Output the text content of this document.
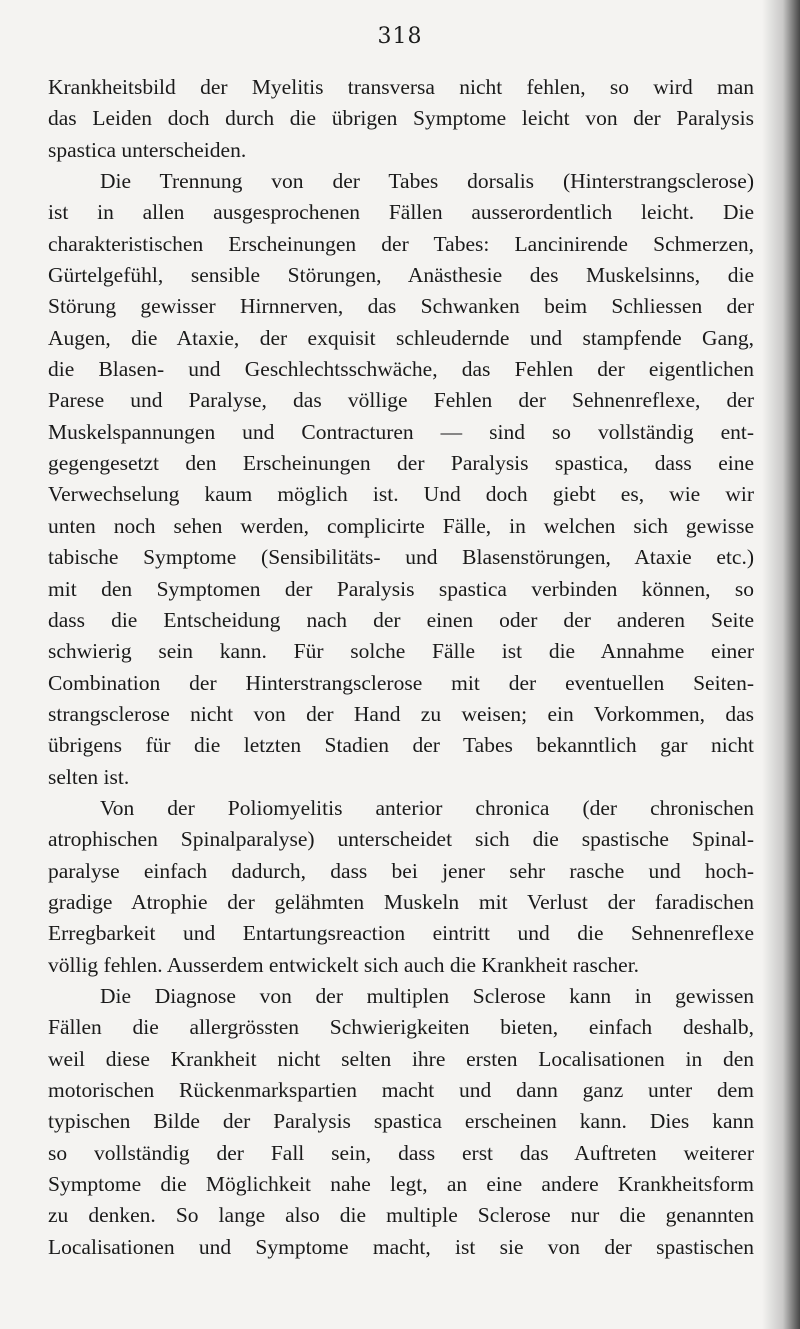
318
Krankheitsbild der Myelitis transversa nicht fehlen, so wird man
das Leiden doch durch die übrigen Symptome leicht von der Paralysis
spastica unterscheiden.
Die Trennung von der Tabes dorsalis (Hinterstrangsclerose)
ist in allen ausgesprochenen Fällen ausserordentlich leicht. Die
charakteristischen Erscheinungen der Tabes: Lancinirende Schmerzen,
Gürtelgefühl, sensible Störungen, Anästhesie des Muskelsinns, die
Störung gewisser Hirnnerven, das Schwanken beim Schliessen der
Augen, die Ataxie, der exquisit schleudernde und stampfende Gang,
die Blasen- und Geschlechtsschwäche, das Fehlen der eigentlichen
Parese und Paralyse, das völlige Fehlen der Sehnenreflexe, der
Muskelspannungen und Contracturen — sind so vollständig ent-
gegengesetzt den Erscheinungen der Paralysis spastica, dass eine
Verwechselung kaum möglich ist. Und doch giebt es, wie wir
unten noch sehen werden, complicirte Fälle, in welchen sich gewisse
tabische Symptome (Sensibilitäts- und Blasenstörungen, Ataxie etc.)
mit den Symptomen der Paralysis spastica verbinden können, so
dass die Entscheidung nach der einen oder der anderen Seite
schwierig sein kann. Für solche Fälle ist die Annahme einer
Combination der Hinterstrangsclerose mit der eventuellen Seiten-
strangsclerose nicht von der Hand zu weisen; ein Vorkommen, das
übrigens für die letzten Stadien der Tabes bekanntlich gar nicht
selten ist.
Von der Poliomyelitis anterior chronica (der chronischen
atrophischen Spinalparalyse) unterscheidet sich die spastische Spinal-
paralyse einfach dadurch, dass bei jener sehr rasche und hoch-
gradige Atrophie der gelähmten Muskeln mit Verlust der faradischen
Erregbarkeit und Entartungsreaction eintritt und die Sehnenreflexe
völlig fehlen. Ausserdem entwickelt sich auch die Krankheit rascher.
Die Diagnose von der multiplen Sclerose kann in gewissen
Fällen die allergrössten Schwierigkeiten bieten, einfach deshalb,
weil diese Krankheit nicht selten ihre ersten Localisationen in den
motorischen Rückenmarkspartien macht und dann ganz unter dem
typischen Bilde der Paralysis spastica erscheinen kann. Dies kann
so vollständig der Fall sein, dass erst das Auftreten weiterer
Symptome die Möglichkeit nahe legt, an eine andere Krankheitsform
zu denken. So lange also die multiple Sclerose nur die genannten
Localisationen und Symptome macht, ist sie von der spastischen
